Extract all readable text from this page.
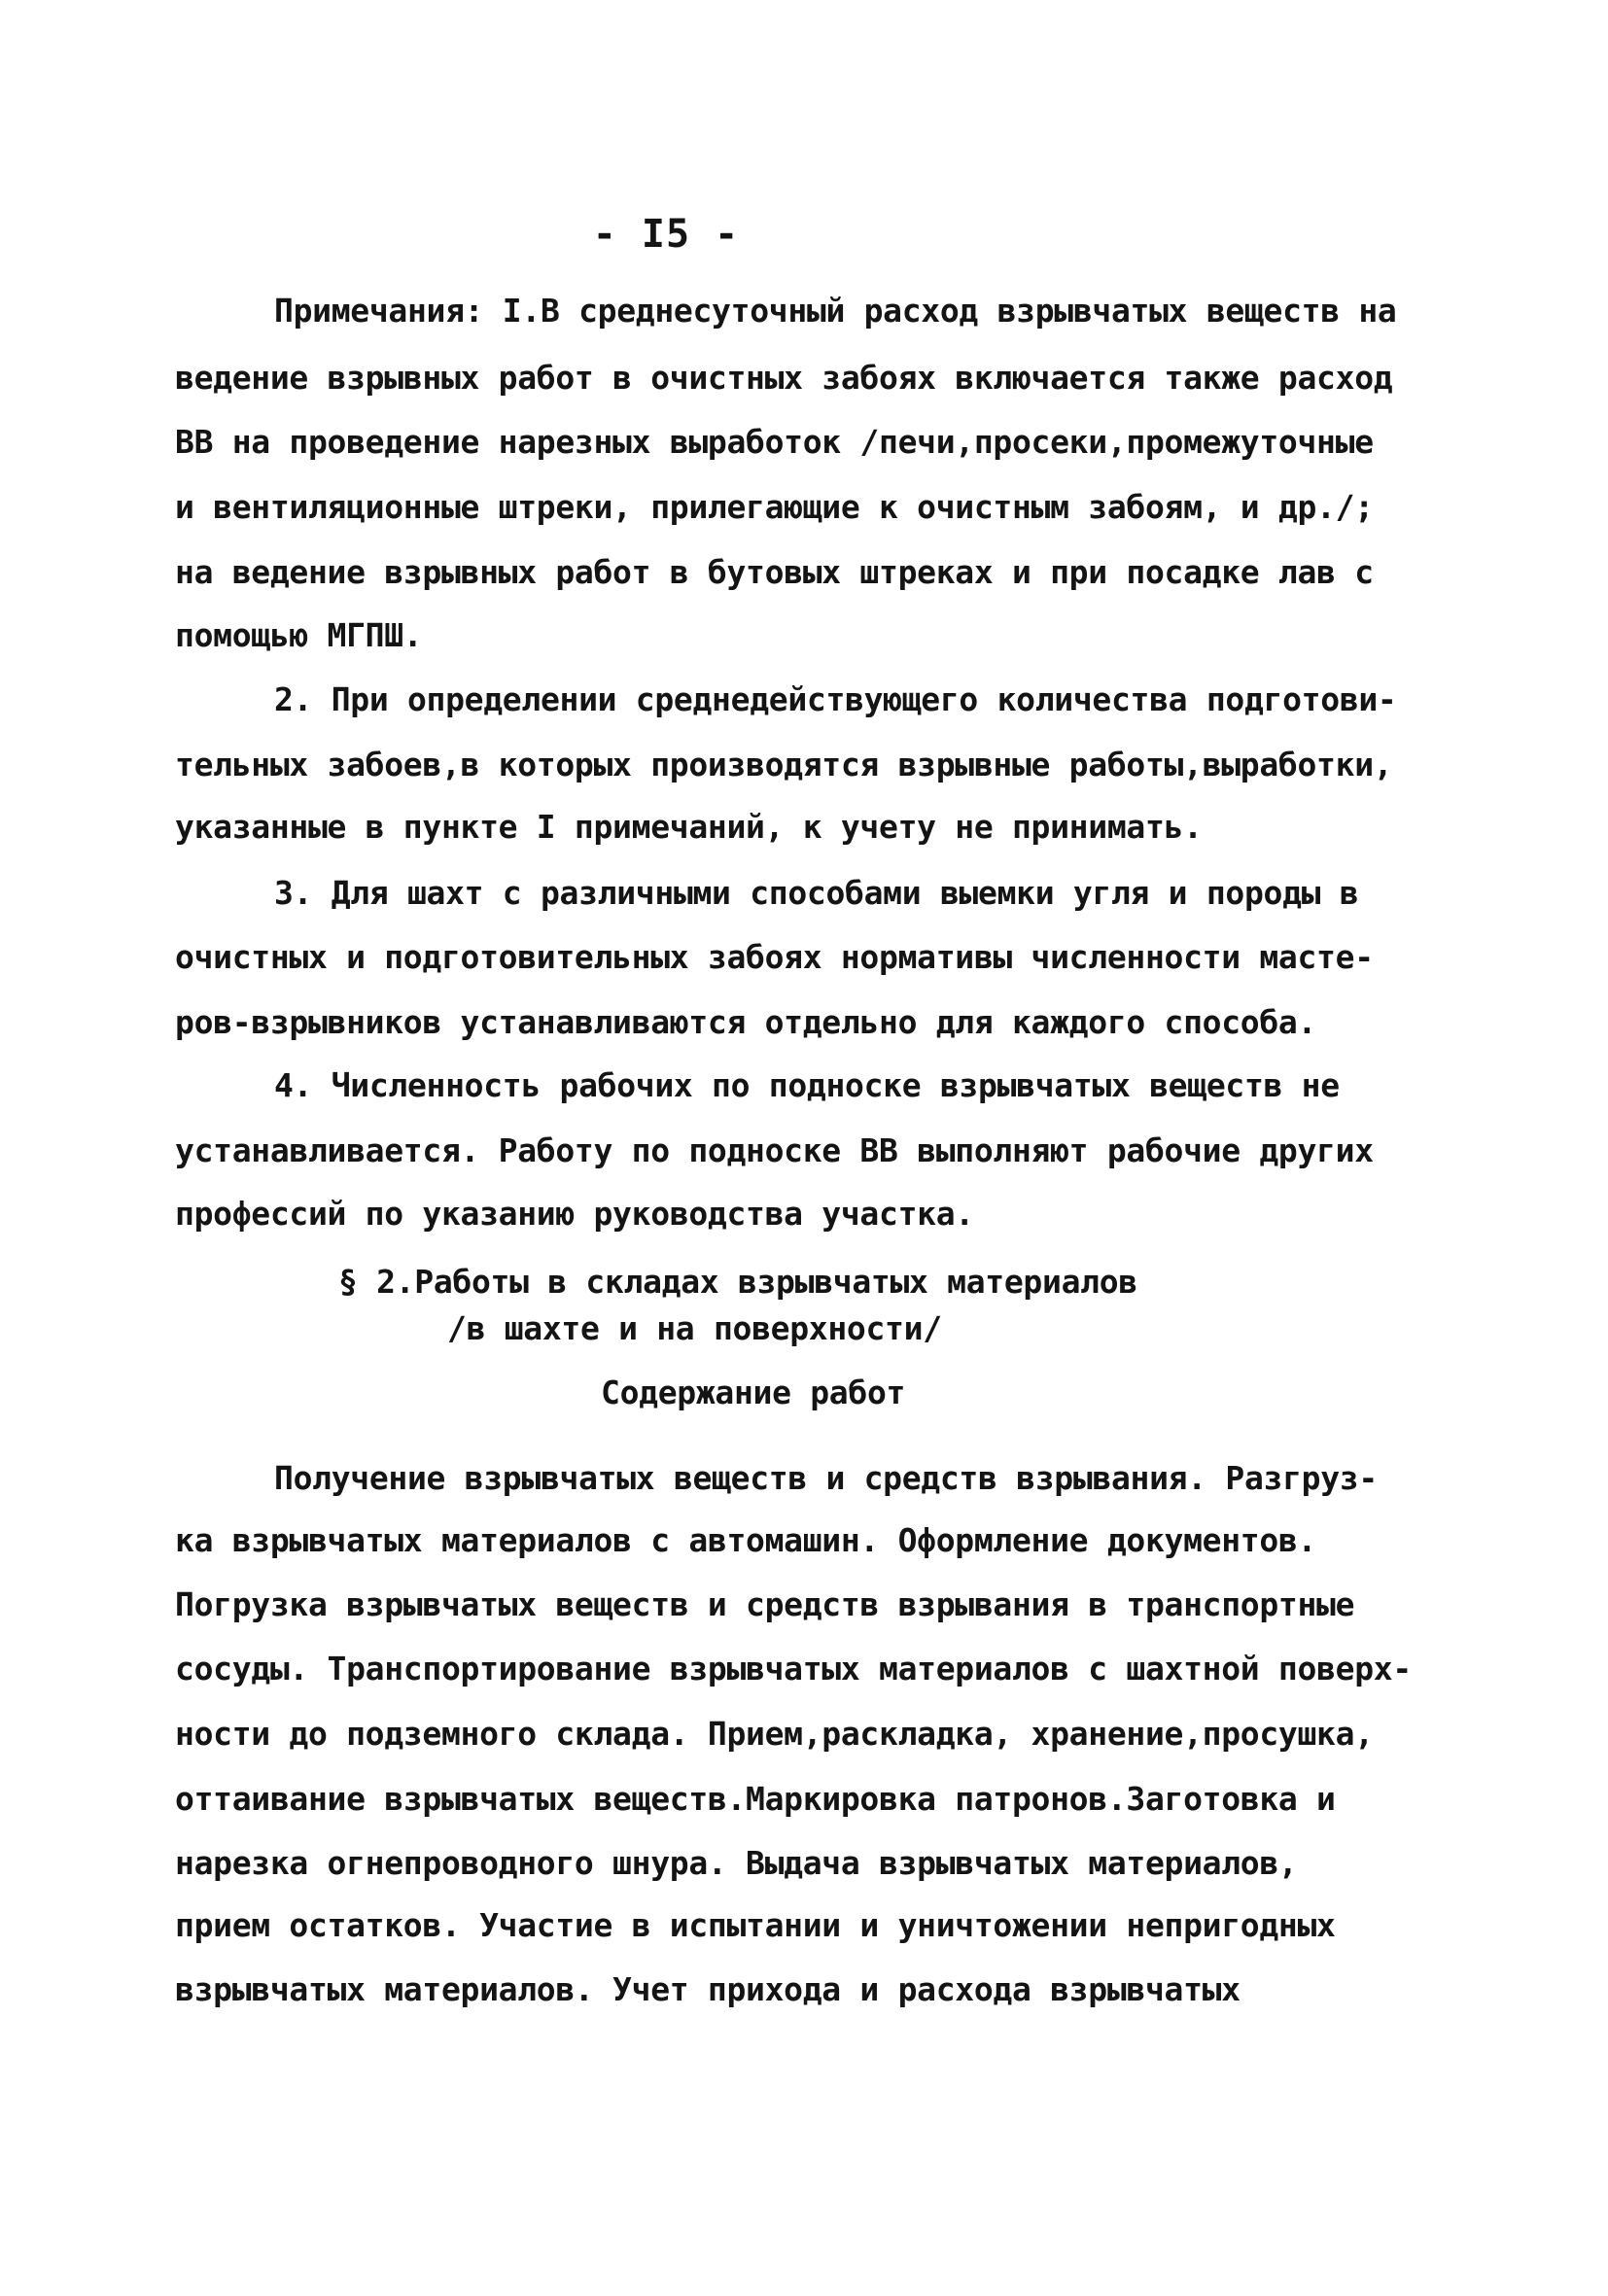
- I5 -
Примечания: I.В среднесуточный расход взрывчатых веществ на
ведение взрывных работ в очистных забоях включается также расход
ВВ на проведение нарезных выработок /печи,просеки,промежуточные
и вентиляционные штреки, прилегающие к очистным забоям, и др./;
на ведение взрывных работ в бутовых штреках и при посадке лав с
помощью МГПШ.
2. При определении среднедействующего количества подготови-
тельных забоев,в которых производятся взрывные работы,выработки,
указанные в пункте I примечаний, к учету не принимать.
3. Для шахт с различными способами выемки угля и породы в
очистных и подготовительных забоях нормативы численности масте-
ров-взрывников устанавливаются отдельно для каждого способа.
4. Численность рабочих по подноске взрывчатых веществ не
устанавливается. Работу по подноске ВВ выполняют рабочие других
профессий по указанию руководства участка.
§ 2.Работы в складах взрывчатых материалов
/в шахте и на поверхности/
Содержание работ
Получение взрывчатых веществ и средств взрывания. Разгруз-
ка взрывчатых материалов с автомашин. Оформление документов.
Погрузка взрывчатых веществ и средств взрывания в транспортные
сосуды. Транспортирование взрывчатых материалов с шахтной поверх-
ности до подземного склада. Прием,раскладка, хранение,просушка,
оттаивание взрывчатых веществ.Маркировка патронов.Заготовка и
нарезка огнепроводного шнура. Выдача взрывчатых материалов,
прием остатков. Участие в испытании и уничтожении непригодных
взрывчатых материалов. Учет прихода и расхода взрывчатых
